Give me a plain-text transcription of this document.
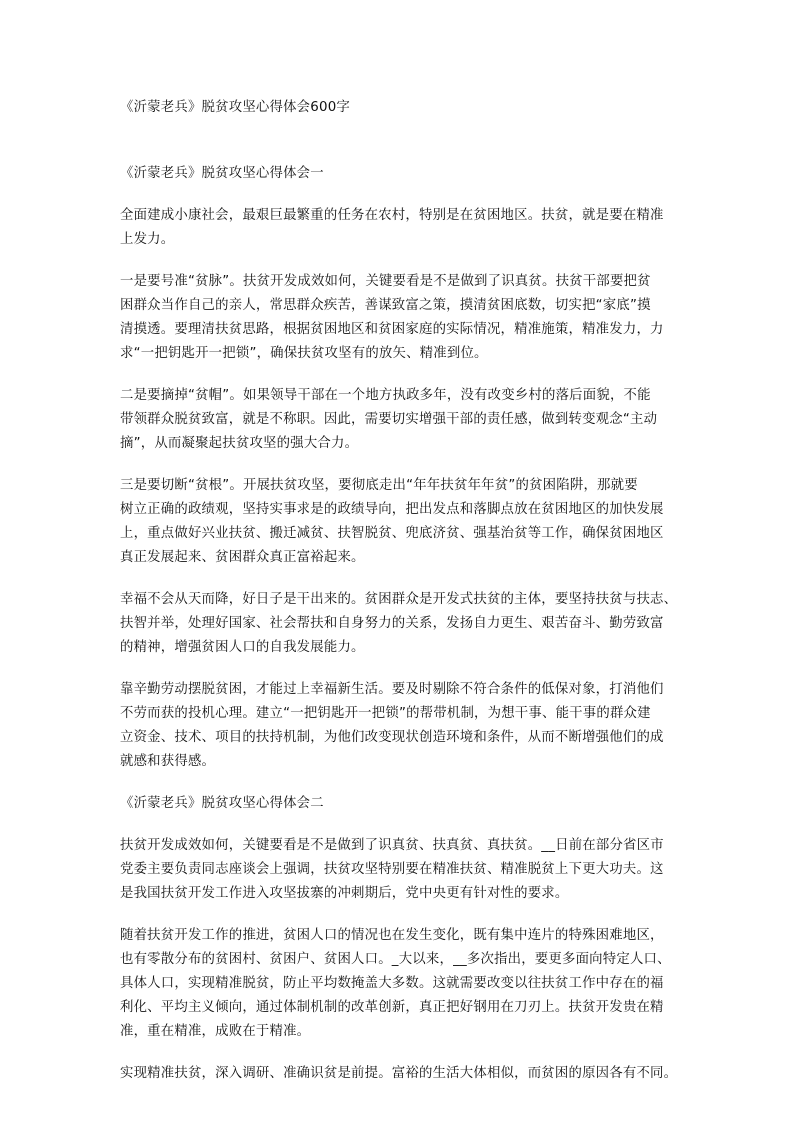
《沂蒙老兵》脱贫攻坚心得体会600字
《沂蒙老兵》脱贫攻坚心得体会一
全面建成小康社会，最艰巨最繁重的任务在农村，特别是在贫困地区。扶贫，就是要在精准
上发力。
一是要号准“贫脉”。扶贫开发成效如何，关键要看是不是做到了识真贫。扶贫干部要把贫
困群众当作自己的亲人，常思群众疾苦，善谋致富之策，摸清贫困底数，切实把“家底”摸
清摸透。要理清扶贫思路，根据贫困地区和贫困家庭的实际情况，精准施策，精准发力，力
求“一把钥匙开一把锁”，确保扶贫攻坚有的放矢、精准到位。
二是要摘掉“贫帽”。如果领导干部在一个地方执政多年，没有改变乡村的落后面貌，不能
带领群众脱贫致富，就是不称职。因此，需要切实增强干部的责任感，做到转变观念“主动
摘”，从而凝聚起扶贫攻坚的强大合力。
三是要切断“贫根”。开展扶贫攻坚，要彻底走出“年年扶贫年年贫”的贫困陷阱，那就要
树立正确的政绩观，坚持实事求是的政绩导向，把出发点和落脚点放在贫困地区的加快发展
上，重点做好兴业扶贫、搬迁减贫、扶智脱贫、兜底济贫、强基治贫等工作，确保贫困地区
真正发展起来、贫困群众真正富裕起来。
幸福不会从天而降，好日子是干出来的。贫困群众是开发式扶贫的主体，要坚持扶贫与扶志、
扶智并举，处理好国家、社会帮扶和自身努力的关系，发扬自力更生、艰苦奋斗、勤劳致富
的精神，增强贫困人口的自我发展能力。
靠辛勤劳动摆脱贫困，才能过上幸福新生活。要及时剔除不符合条件的低保对象，打消他们
不劳而获的投机心理。建立“一把钥匙开一把锁”的帮带机制，为想干事、能干事的群众建
立资金、技术、项目的扶持机制，为他们改变现状创造环境和条件，从而不断增强他们的成
就感和获得感。
《沂蒙老兵》脱贫攻坚心得体会二
扶贫开发成效如何，关键要看是不是做到了识真贫、扶真贫、真扶贫。__日前在部分省区市
党委主要负责同志座谈会上强调，扶贫攻坚特别要在精准扶贫、精准脱贫上下更大功夫。这
是我国扶贫开发工作进入攻坚拔寨的冲刺期后，党中央更有针对性的要求。
随着扶贫开发工作的推进，贫困人口的情况也在发生变化，既有集中连片的特殊困难地区，
也有零散分布的贫困村、贫困户、贫困人口。_大以来，__多次指出，要更多面向特定人口、
具体人口，实现精准脱贫，防止平均数掩盖大多数。这就需要改变以往扶贫工作中存在的福
利化、平均主义倾向，通过体制机制的改革创新，真正把好钢用在刀刃上。扶贫开发贵在精
准，重在精准，成败在于精准。
实现精准扶贫，深入调研、准确识贫是前提。富裕的生活大体相似，而贫困的原因各有不同。
